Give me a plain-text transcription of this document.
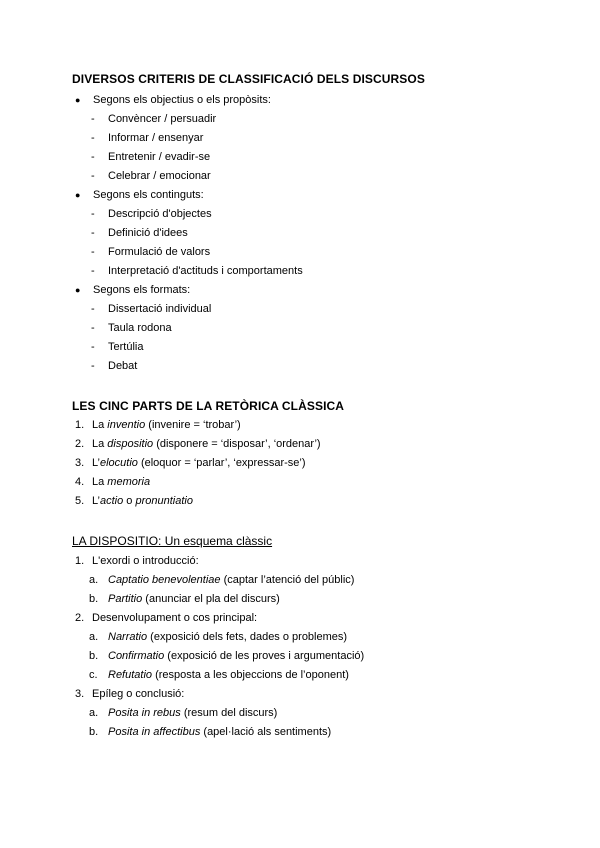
DIVERSOS CRITERIS DE CLASSIFICACIÓ DELS DISCURSOS
● Segons els objectius o els propòsits:
- Convèncer / persuadir
- Informar / ensenyar
- Entretenir / evadir-se
- Celebrar / emocionar
● Segons els continguts:
- Descripció d'objectes
- Definició d'idees
- Formulació de valors
- Interpretació d'actituds i comportaments
● Segons els formats:
- Dissertació individual
- Taula rodona
- Tertúlia
- Debat
LES CINC PARTS DE LA RETÒRICA CLÀSSICA
1. La inventio (invenire = ‘trobar’)
2. La dispositio (disponere = ‘disposar’, ‘ordenar’)
3. L’elocutio (eloquor = ‘parlar’, ‘expressar-se’)
4. La memoria
5. L’actio o pronuntiatio
LA DISPOSITIO: Un esquema clàssic
1. L'exordi o introducció:
a. Captatio benevolentiae (captar l’atenció del públic)
b. Partitio (anunciar el pla del discurs)
2. Desenvolupament o cos principal:
a. Narratio (exposició dels fets, dades o problemes)
b. Confirmatio (exposició de les proves i argumentació)
c. Refutatio (resposta a les objeccions de l’oponent)
3. Epíleg o conclusió:
a. Posita in rebus (resum del discurs)
b. Posita in affectibus (apel·lació als sentiments)
